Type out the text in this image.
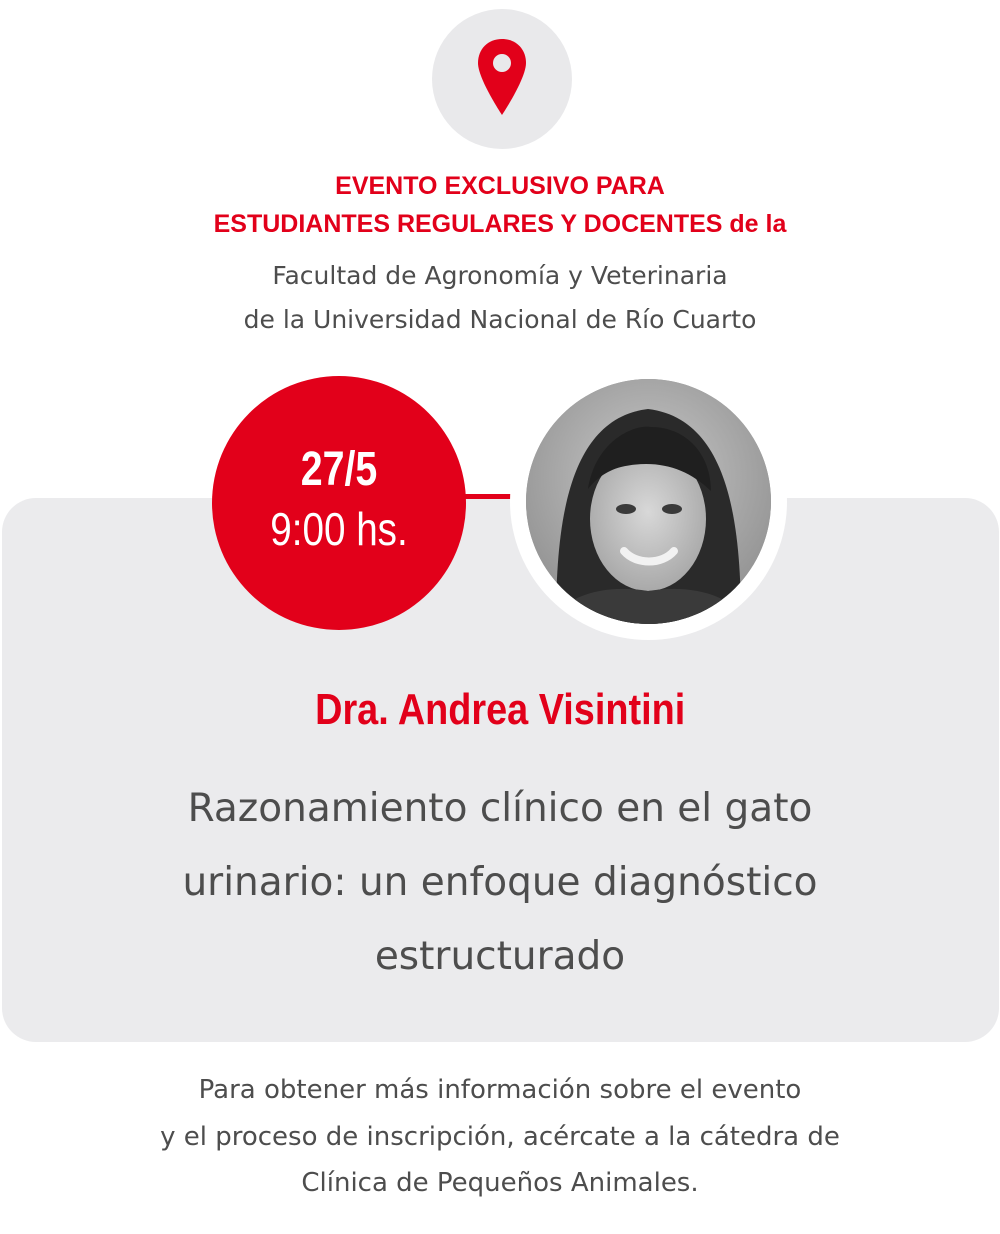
EVENTO EXCLUSIVO PARA
ESTUDIANTES REGULARES Y DOCENTES de la
Facultad de Agronomía y Veterinaria
de la Universidad Nacional de Río Cuarto
27/5
9:00 hs.
Dra. Andrea Visintini
Razonamiento clínico en el gato
urinario: un enfoque diagnóstico
estructurado
Para obtener más información sobre el evento
y el proceso de inscripción, acércate a la cátedra de
Clínica de Pequeños Animales.
